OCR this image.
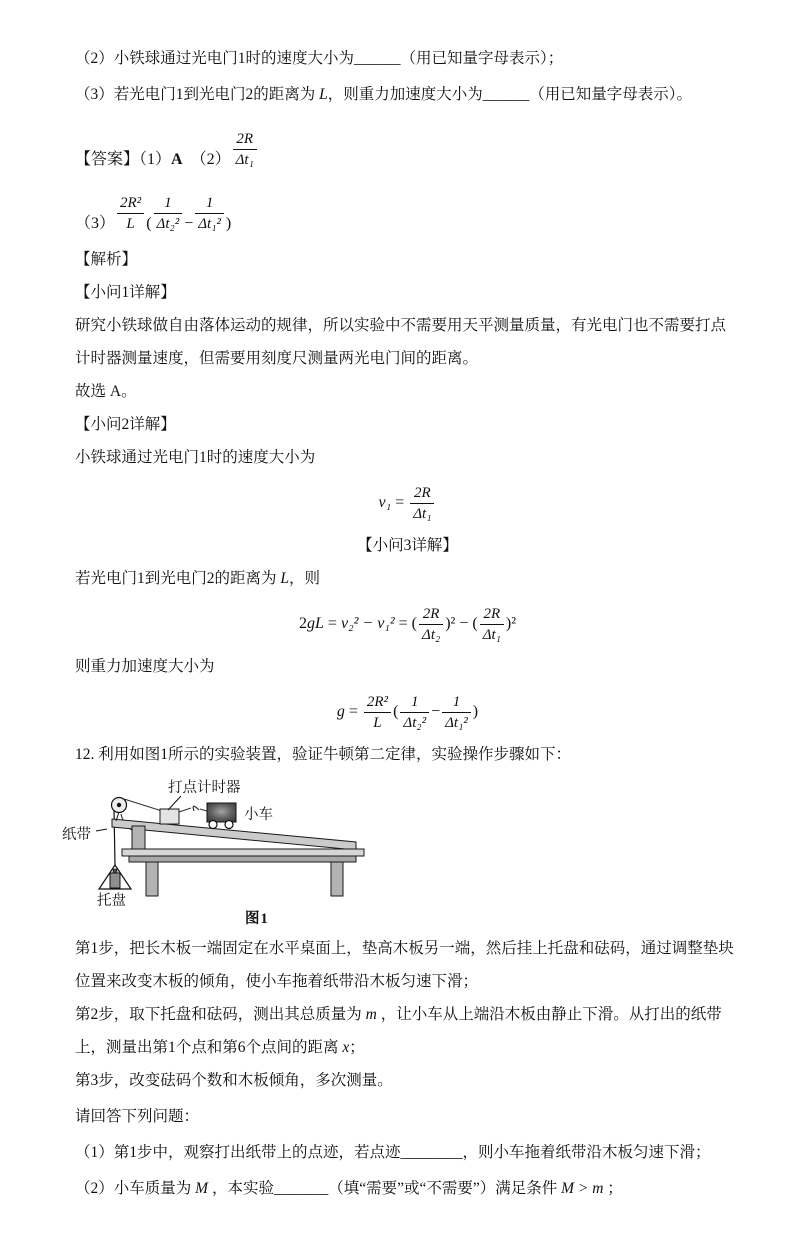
（2）小铁球通过光电门1时的速度大小为______（用已知量字母表示）；

（3）若光电门1到光电门2的距离为 L，则重力加速度大小为______（用已知量字母表示）。

【答案】（1） A 　$(2) \frac{2R}{\text{Δt₁}}$
$(3) \frac{\text{2R²}}{L}$ ( $\frac{1}{\text{Δt₂²}} - \frac{1}{\text{Δt₁²}}$ )

【解析】

【小问1详解】

研究小铁球做自由落体运动的规律，所以实验中不需要用天平测量质量，有光电门也不需要打点计时器测量速度，但需要用刻度尺测量两光电门间的距离。

故选 A。

【小问2详解】

小铁球通过光电门1时的速度大小为

$v_1 = \frac{2R}{\text{Δt₁}}$

【小问3详解】

若光电门1到光电门2的距离为 L，则

2gL = v₂² − v₁² = ( $\frac{2R}{\text{Δt₂}} )^2$ − ( $\frac{2R}{\text{Δt₁}} )^2$

则重力加速度大小为

$g = \frac{\text{2R²}}{L}$ ( $\frac{1}{\text{Δt₂²}} - \frac{1}{\text{Δt₁²}}$ )

12. 利用如图1所示的实验装置，验证牛顿第二定律，实验操作步骤如下：

打点计时器
小车
纸带
托盘
图1

第1步，把长木板一端固定在水平桌面上，垫高木板另一端，然后挂上托盘和砝码，通过调整垫块位置来改变木板的倾角，使小车拖着纸带沿木板匀速下滑；

第2步，取下托盘和砝码，测出其总质量为 m ，让小车从上端沿木板由静止下滑。从打出的纸带上，测量出第1个点和第6个点间的距离 x；

第3步，改变砝码个数和木板倾角，多次测量。

请回答下列问题：

（1）第1步中，观察打出纸带上的点迹，若点迹________，则小车拖着纸带沿木板匀速下滑；

（2）小车质量为 M ，本实验_______（填“需要”或“不需要”）满足条件 M > m ；
